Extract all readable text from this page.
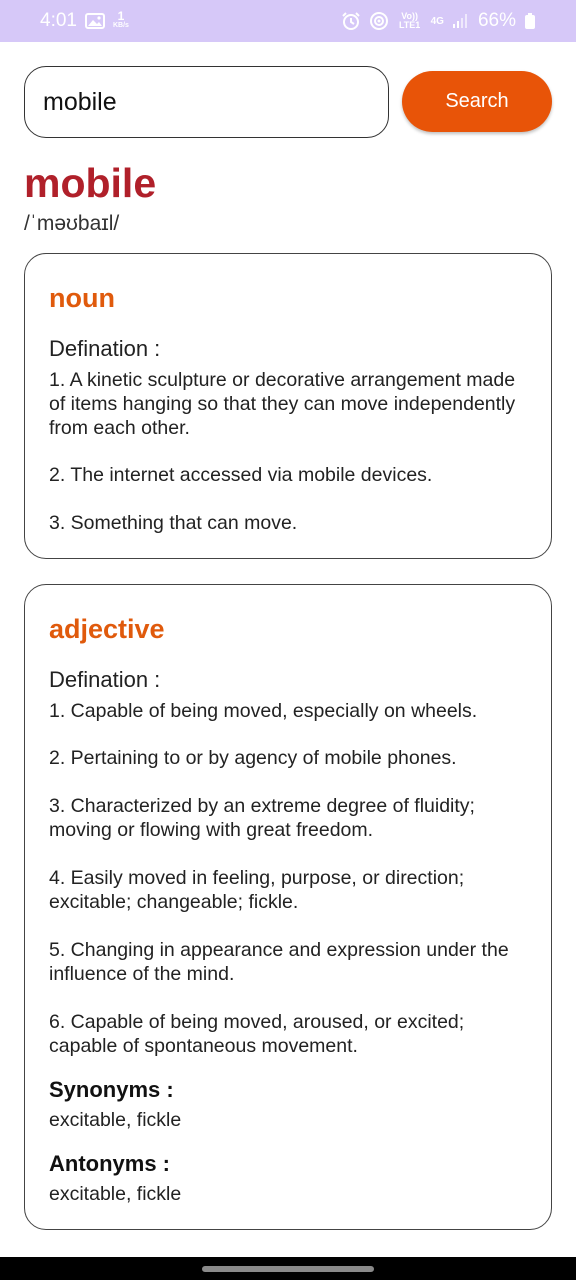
4:01	1
KB/s
Vo)) LTE1 4G 66%
mobile
Search
mobile
/ˈməʊbaɪl/
noun
Defination :
1. A kinetic sculpture or decorative arrangement made of items hanging so that they can move independently from each other.
2. The internet accessed via mobile devices.
3. Something that can move.
adjective
Defination :
1. Capable of being moved, especially on wheels.
2. Pertaining to or by agency of mobile phones.
3. Characterized by an extreme degree of fluidity; moving or flowing with great freedom.
4. Easily moved in feeling, purpose, or direction; excitable; changeable; fickle.
5. Changing in appearance and expression under the influence of the mind.
6. Capable of being moved, aroused, or excited; capable of spontaneous movement.
Synonyms :
excitable, fickle
Antonyms :
excitable, fickle
